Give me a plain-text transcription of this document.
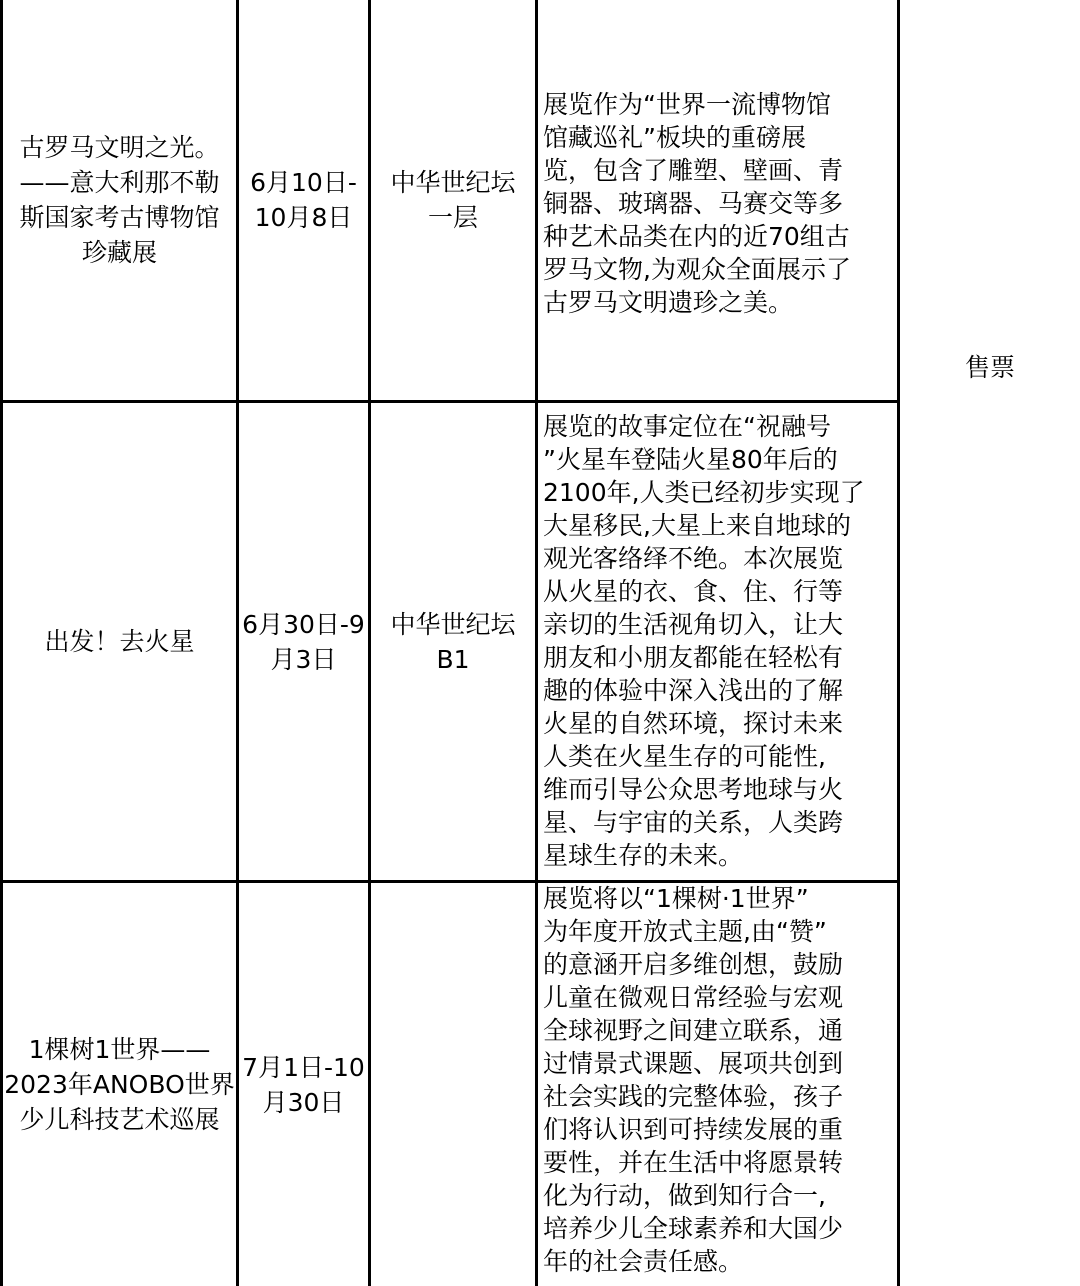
古罗马文明之光。
——意大利那不勒
斯国家考古博物馆
珍藏展
6月10日-
10月8日
中华世纪坛
一层
展览作为“世界一流博物馆
馆藏巡礼”板块的重磅展
览，包含了雕塑、壁画、青
铜器、玻璃器、马赛交等多
种艺术品类在内的近70组古
罗马文物,为观众全面展示了
古罗马文明遗珍之美。
出发！去火星
6月30日-9
月3日
中华世纪坛
B1
展览的故事定位在“祝融号
”火星车登陆火星80年后的
2100年,人类已经初步实现了
大星移民,大星上来自地球的
观光客络绎不绝。本次展览
从火星的衣、食、住、行等
亲切的生活视角切入，让大
朋友和小朋友都能在轻松有
趣的体验中深入浅出的了解
火星的自然环境，探讨未来
人类在火星生存的可能性,
维而引导公众思考地球与火
星、与宇宙的关系，人类跨
星球生存的未来。
1棵树1世界——
2023年ANOBO世界
少儿科技艺术巡展
7月1日-10
月30日
展览将以“1棵树·1世界”
为年度开放式主题,由“赞”
的意涵开启多维创想，鼓励
儿童在微观日常经验与宏观
全球视野之间建立联系，通
过情景式课题、展项共创到
社会实践的完整体验，孩子
们将认识到可持续发展的重
要性，并在生活中将愿景转
化为行动，做到知行合一,
培养少儿全球素养和大国少
年的社会责任感。
售票
